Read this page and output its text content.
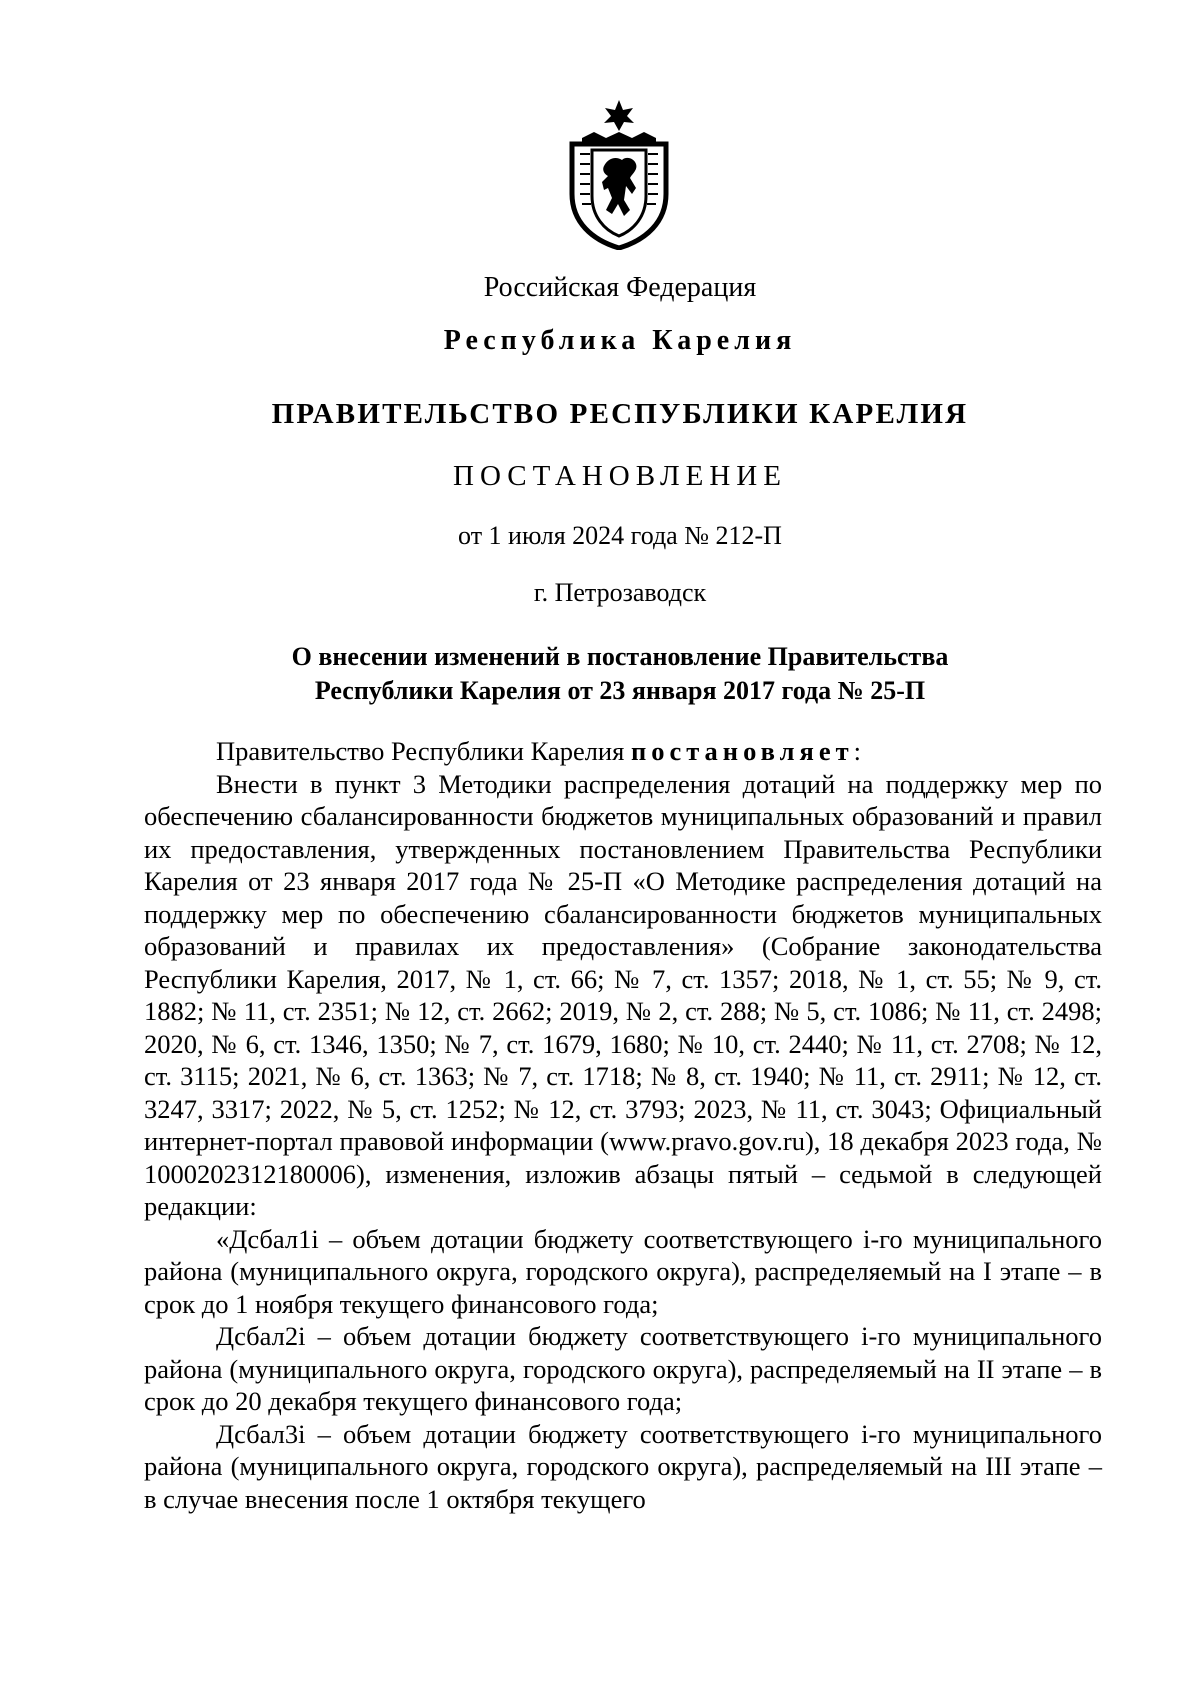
Российская Федерация
Республика Карелия
ПРАВИТЕЛЬСТВО РЕСПУБЛИКИ КАРЕЛИЯ
ПОСТАНОВЛЕНИЕ
от 1 июля 2024 года № 212-П
г. Петрозаводск
О внесении изменений в постановление Правительства
Республики Карелия от 23 января 2017 года № 25-П

Правительство Республики Карелия постановляет:

Внести в пункт 3 Методики распределения дотаций на поддержку мер по обеспечению сбалансированности бюджетов муниципальных образований и правил их предоставления, утвержденных постановлением Правительства Республики Карелия от 23 января 2017 года № 25-П «О Методике распределения дотаций на поддержку мер по обеспечению сбалансированности бюджетов муниципальных образований и правилах их предоставления» (Собрание законодательства Республики Карелия, 2017, № 1, ст. 66; № 7, ст. 1357; 2018, № 1, ст. 55; № 9, ст. 1882; № 11, ст. 2351; № 12, ст. 2662; 2019, № 2, ст. 288; № 5, ст. 1086; № 11, ст. 2498; 2020, № 6, ст. 1346, 1350; № 7, ст. 1679, 1680; № 10, ст. 2440; № 11, ст. 2708; № 12, ст. 3115; 2021, № 6, ст. 1363; № 7, ст. 1718; № 8, ст. 1940; № 11, ст. 2911; № 12, ст. 3247, 3317; 2022, № 5, ст. 1252; № 12, ст. 3793; 2023, № 11, ст. 3043; Официальный интернет-портал правовой информации (www.pravo.gov.ru), 18 декабря 2023 года, № 1000202312180006), изменения, изложив абзацы пятый – седьмой в следующей редакции:

«Дсбал1i – объем дотации бюджету соответствующего i-го муниципального района (муниципального округа, городского округа), распределяемый на I этапе – в срок до 1 ноября текущего финансового года;

Дсбал2i – объем дотации бюджету соответствующего i-го муниципального района (муниципального округа, городского округа), распределяемый на II этапе – в срок до 20 декабря текущего финансового года;

Дсбал3i – объем дотации бюджету соответствующего i-го муниципального района (муниципального округа, городского округа), распределяемый на III этапе – в случае внесения после 1 октября текущего
